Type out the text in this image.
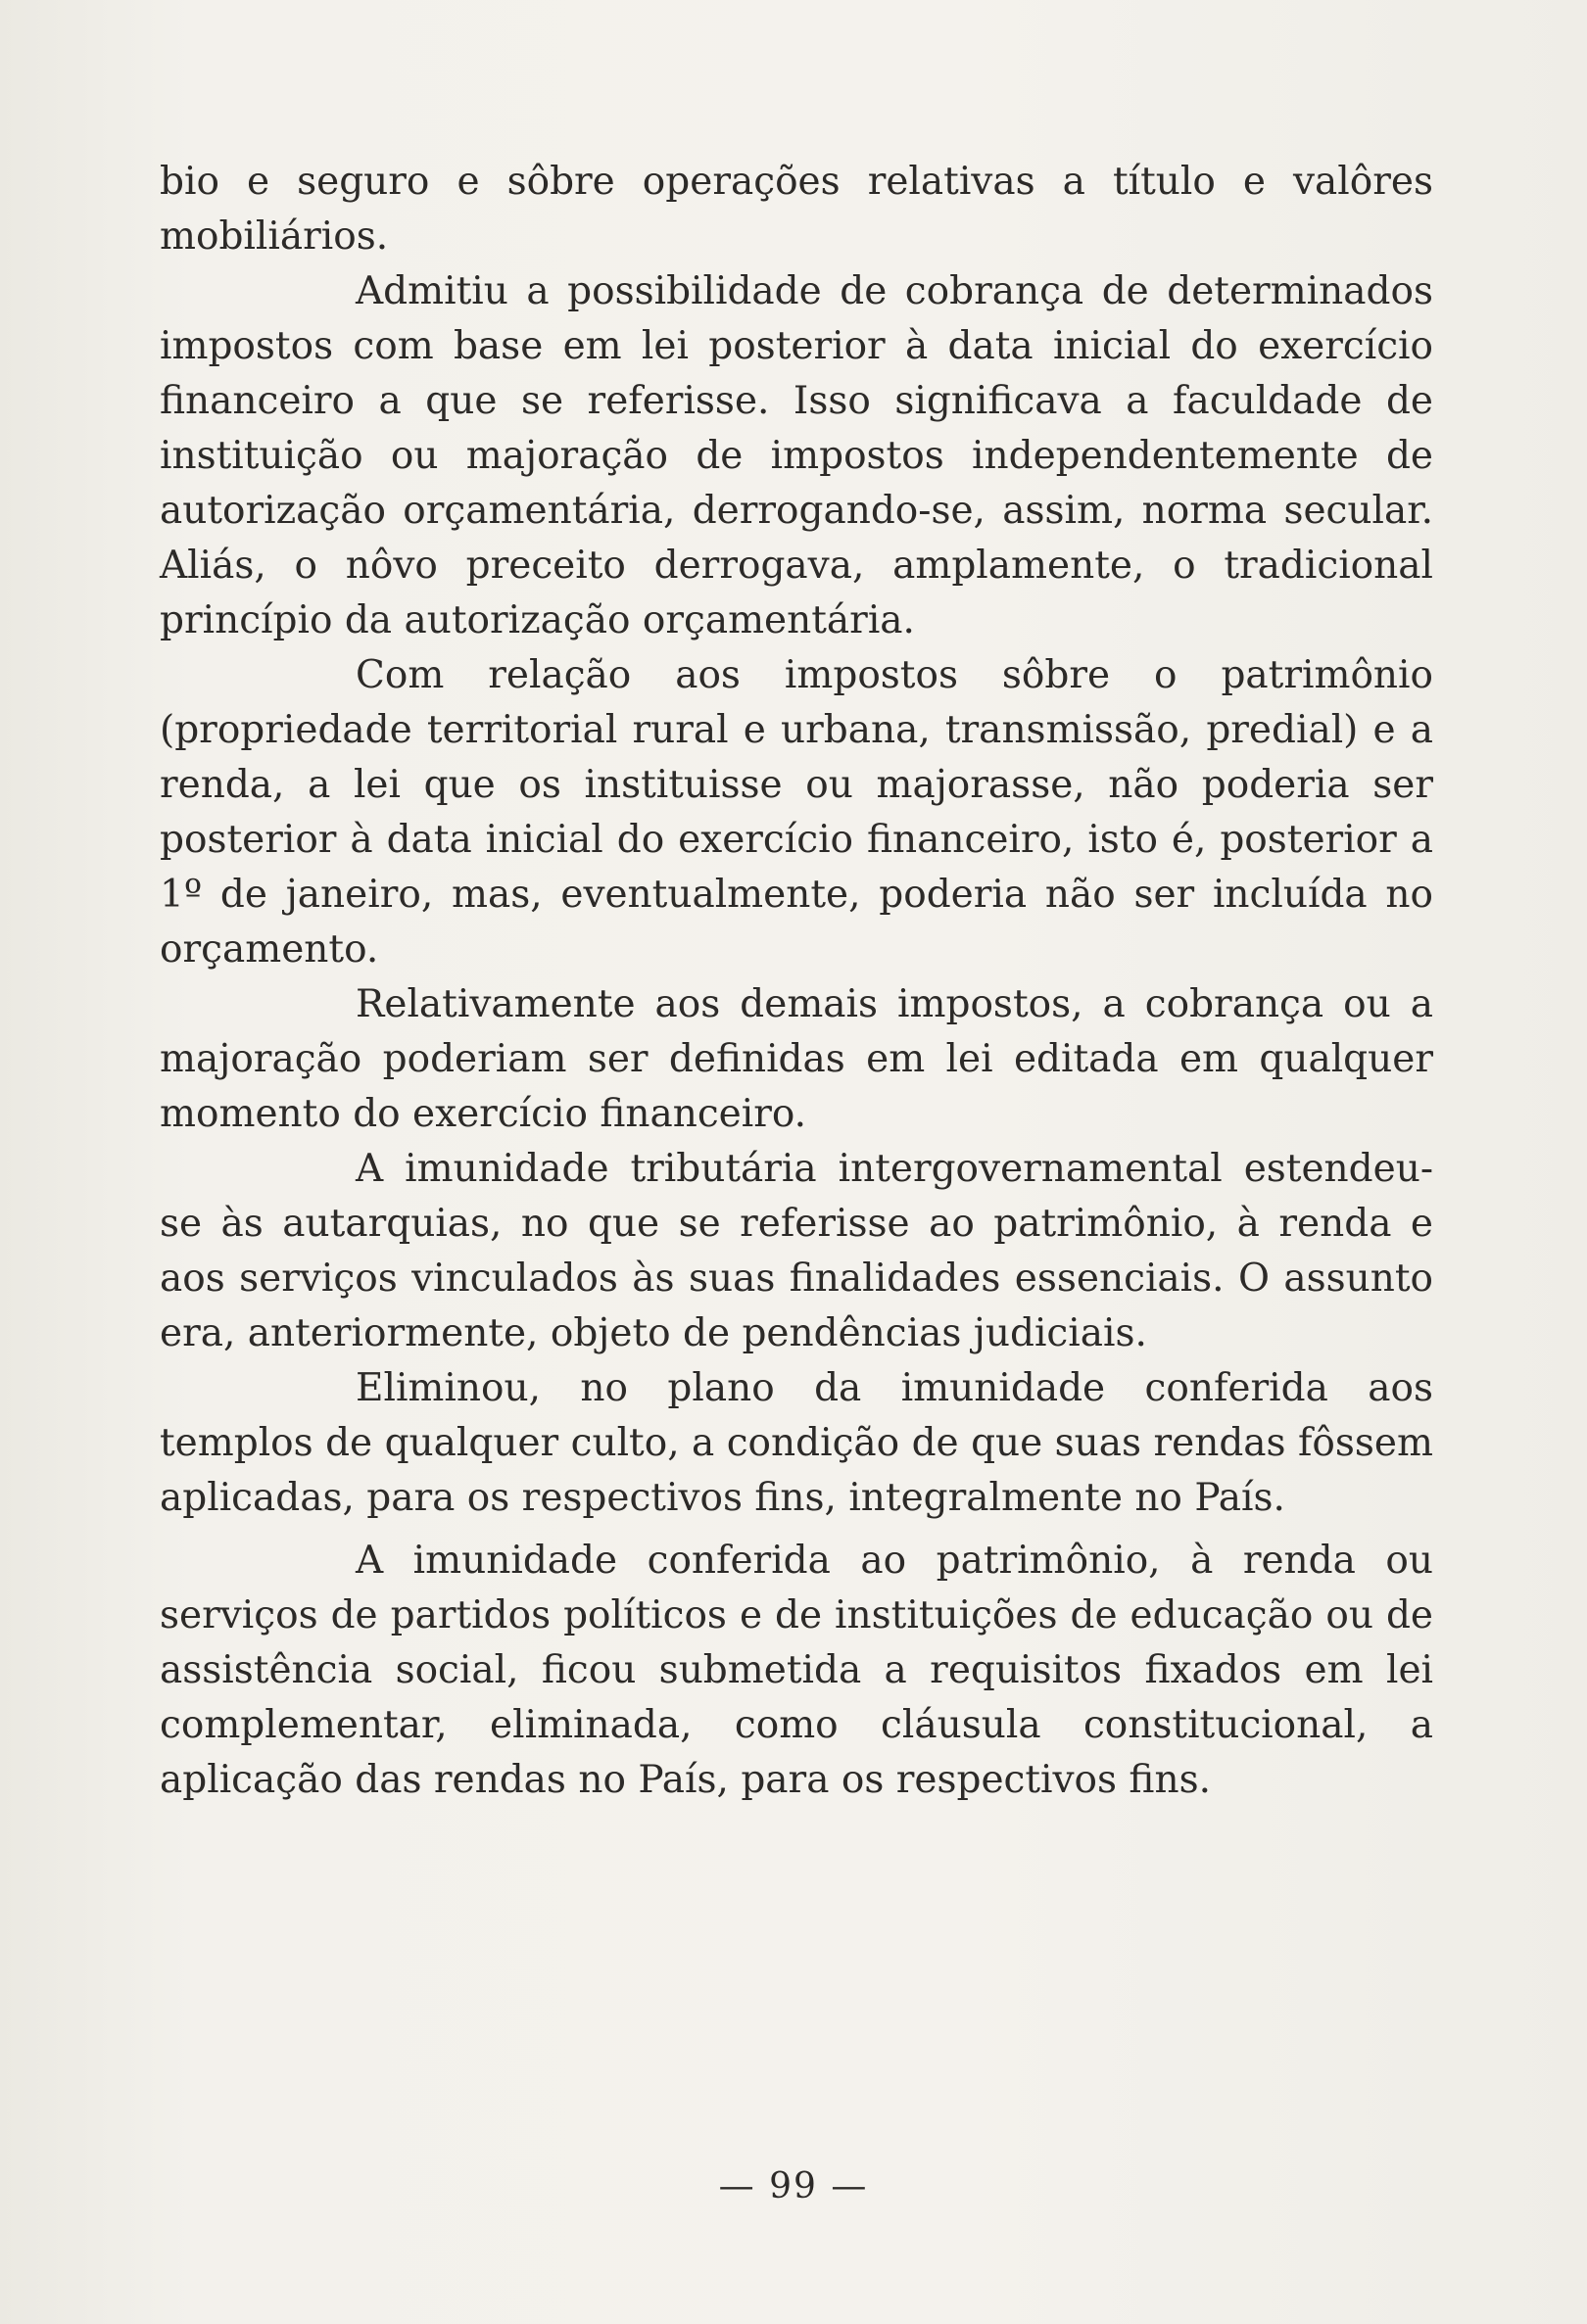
bio e seguro e sôbre operações relativas a título e valôres mobiliários.

Admitiu a possibilidade de cobrança de determinados impostos com base em lei posterior à data inicial do exercício financeiro a que se referisse. Isso significava a faculdade de instituição ou majoração de impostos independentemente de autorização orçamentária, derrogando-se, assim, norma secular. Aliás, o nôvo preceito derrogava, amplamente, o tradicional princípio da autorização orçamentária.

Com relação aos impostos sôbre o patrimônio (propriedade territorial rural e urbana, transmissão, predial) e a renda, a lei que os instituisse ou majorasse, não poderia ser posterior à data inicial do exercício financeiro, isto é, posterior a 1º de janeiro, mas, eventualmente, poderia não ser incluída no orçamento.

Relativamente aos demais impostos, a cobrança ou a majoração poderiam ser definidas em lei editada em qualquer momento do exercício financeiro.

A imunidade tributária intergovernamental estendeu-se às autarquias, no que se referisse ao patrimônio, à renda e aos serviços vinculados às suas finalidades essenciais. O assunto era, anteriormente, objeto de pendências judiciais.

Eliminou, no plano da imunidade conferida aos templos de qualquer culto, a condição de que suas rendas fôssem aplicadas, para os respectivos fins, integralmente no País.

A imunidade conferida ao patrimônio, à renda ou serviços de partidos políticos e de instituições de educação ou de assistência social, ficou submetida a requisitos fixados em lei complementar, eliminada, como cláusula constitucional, a aplicação das rendas no País, para os respectivos fins.

— 99 —
